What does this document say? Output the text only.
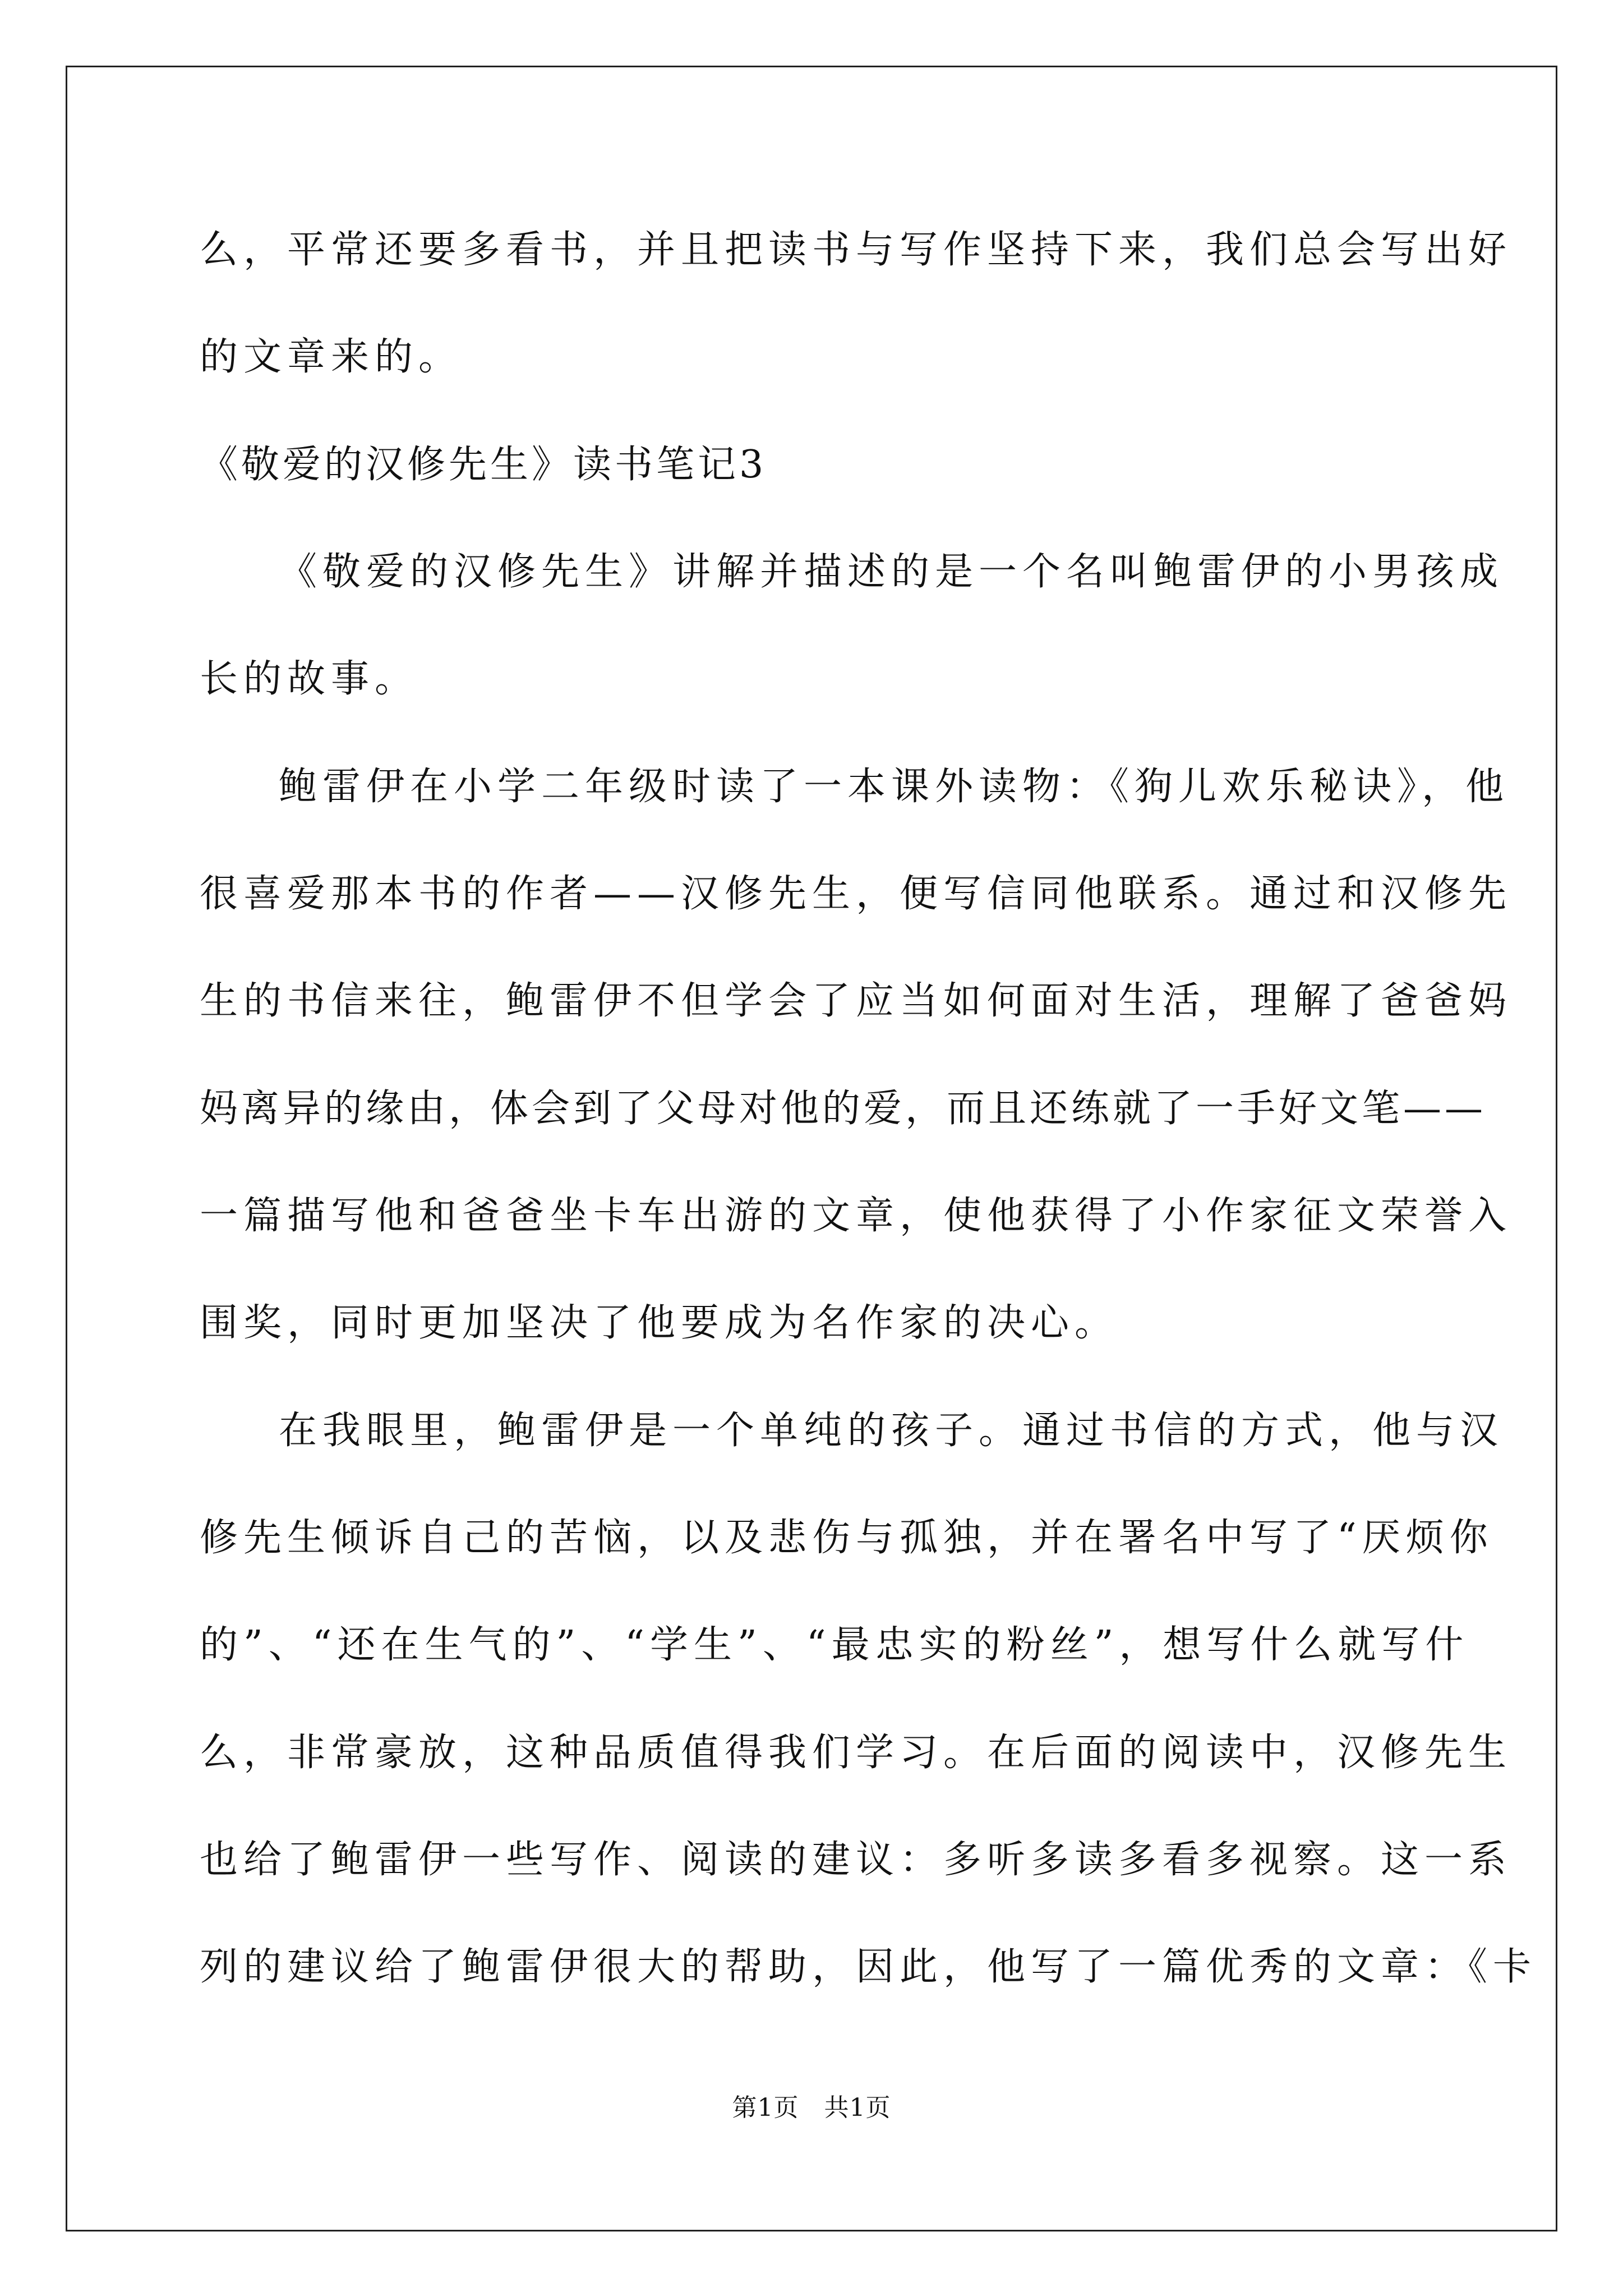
么，平常还要多看书，并且把读书与写作坚持下来，我们总会写出好
的文章来的。
《敬爱的汉修先生》读书笔记3
《敬爱的汉修先生》讲解并描述的是一个名叫鲍雷伊的小男孩成
长的故事。
鲍雷伊在小学二年级时读了一本课外读物：《狗儿欢乐秘诀》，他
很喜爱那本书的作者——汉修先生，便写信同他联系。通过和汉修先
生的书信来往，鲍雷伊不但学会了应当如何面对生活，理解了爸爸妈
妈离异的缘由，体会到了父母对他的爱，而且还练就了一手好文笔——
一篇描写他和爸爸坐卡车出游的文章，使他获得了小作家征文荣誉入
围奖，同时更加坚决了他要成为名作家的决心。
在我眼里，鲍雷伊是一个单纯的孩子。通过书信的方式，他与汉
修先生倾诉自己的苦恼，以及悲伤与孤独，并在署名中写了“厌烦你
的”、“还在生气的”、“学生”、“最忠实的粉丝”，想写什么就写什
么，非常豪放，这种品质值得我们学习。在后面的阅读中，汉修先生
也给了鲍雷伊一些写作、阅读的建议：多听多读多看多视察。这一系
列的建议给了鲍雷伊很大的帮助，因此，他写了一篇优秀的文章：《卡
第1页　共1页
